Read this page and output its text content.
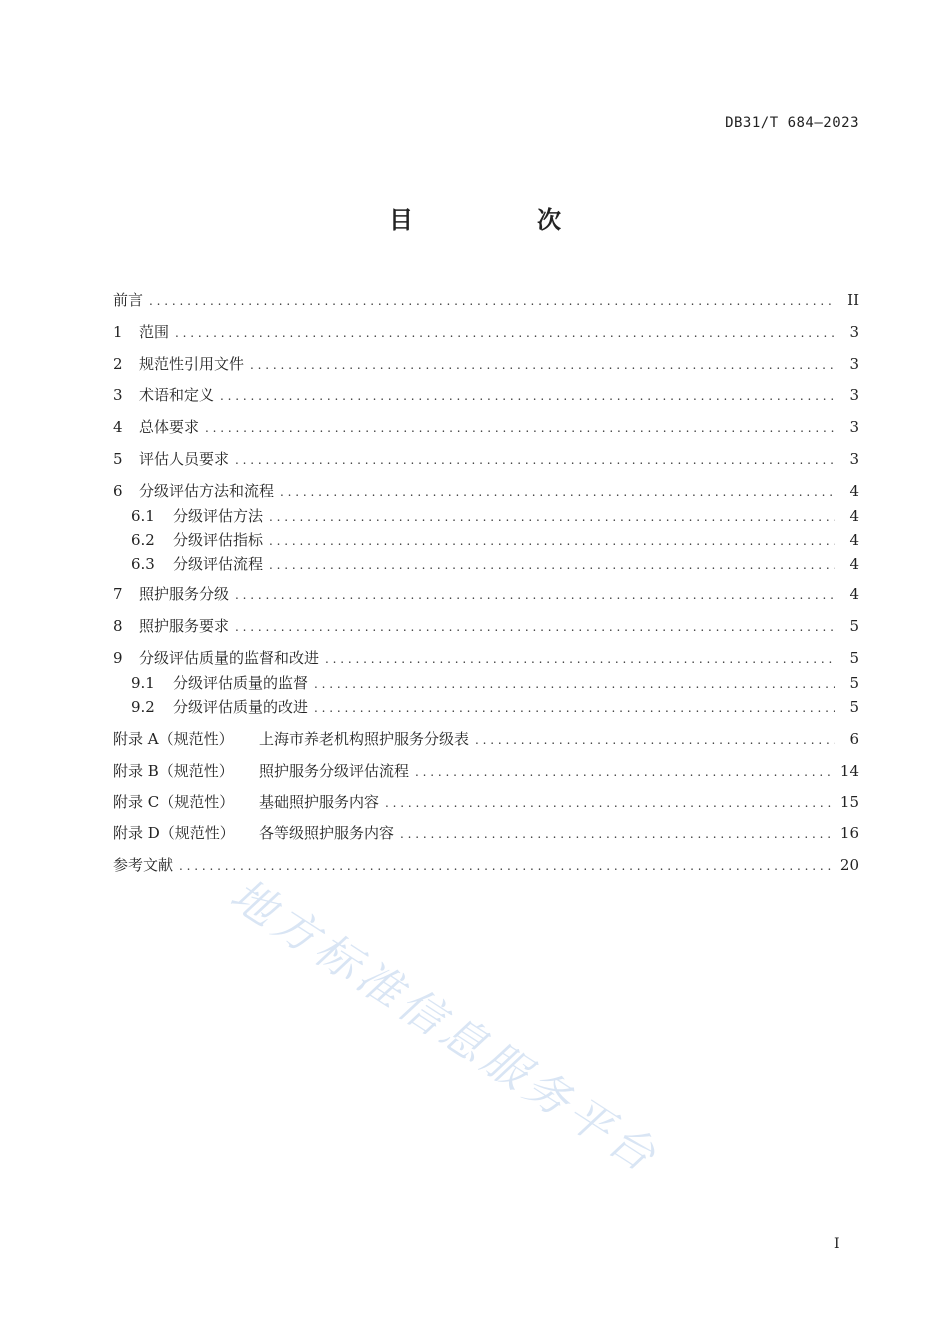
DB31/T 684—2023
目　次
前言 . . .	II
1	范围 . . .	3
2	规范性引用文件 . . .	3
3	术语和定义 . . .	3
4	总体要求 . . .	3
5	评估人员要求 . . .	3
6	分级评估方法和流程 . . .	4
6.1	分级评估方法 . . .	4
6.2	分级评估指标 . . .	4
6.3	分级评估流程 . . .	4
7	照护服务分级 . . .	4
8	照护服务要求 . . .	5
9	分级评估质量的监督和改进 . . .	5
9.1	分级评估质量的监督 . . .	5
9.2	分级评估质量的改进 . . .	5
附录 A（规范性）	上海市养老机构照护服务分级表 . . .	6
附录 B（规范性）	照护服务分级评估流程 . . .	14
附录 C（规范性）	基础照护服务内容 . . .	15
附录 D（规范性）	各等级照护服务内容 . . .	16
参考文献 . . .	20
地方标准信息服务平台
I
